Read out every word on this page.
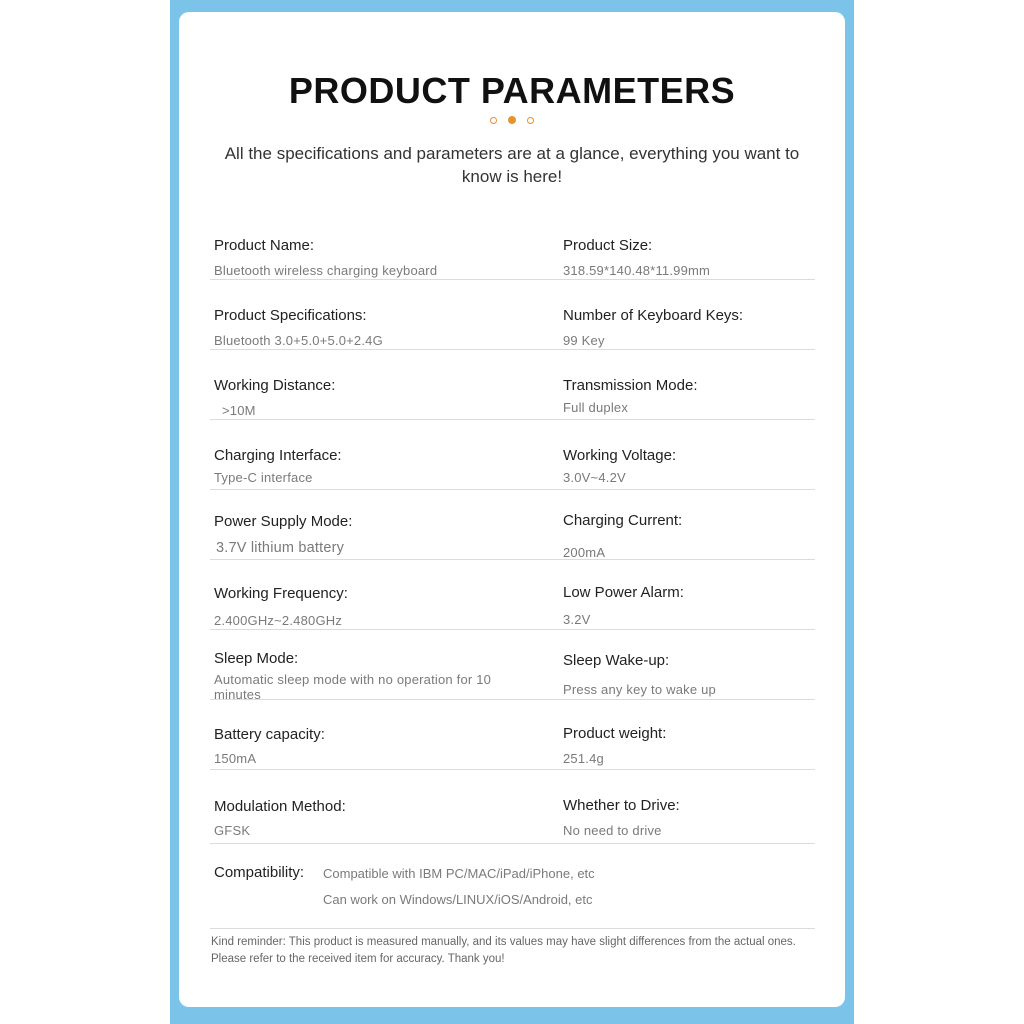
PRODUCT PARAMETERS

All the specifications and parameters are at a glance, everything you want to know is here!

Product Name:
Bluetooth wireless charging keyboard
Product Size:
318.59*140.48*11.99mm
Product Specifications:
Bluetooth 3.0+5.0+5.0+2.4G
Number of Keyboard Keys:
99 Key
Working Distance:
>10M
Transmission Mode:
Full duplex
Charging Interface:
Type-C interface
Working Voltage:
3.0V~4.2V
Power Supply Mode:
3.7V lithium battery
Charging Current:
200mA
Working Frequency:
2.400GHz~2.480GHz
Low Power Alarm:
3.2V
Sleep Mode:
Automatic sleep mode with no operation for 10 minutes
Sleep Wake-up:
Press any key to wake up
Battery capacity:
150mA
Product weight:
251.4g
Modulation Method:
GFSK
Whether to Drive:
No need to drive
Compatibility: Compatible with IBM PC/MAC/iPad/iPhone, etc
Can work on Windows/LINUX/iOS/Android, etc

Kind reminder: This product is measured manually, and its values may have slight differences from the actual ones. Please refer to the received item for accuracy. Thank you!
